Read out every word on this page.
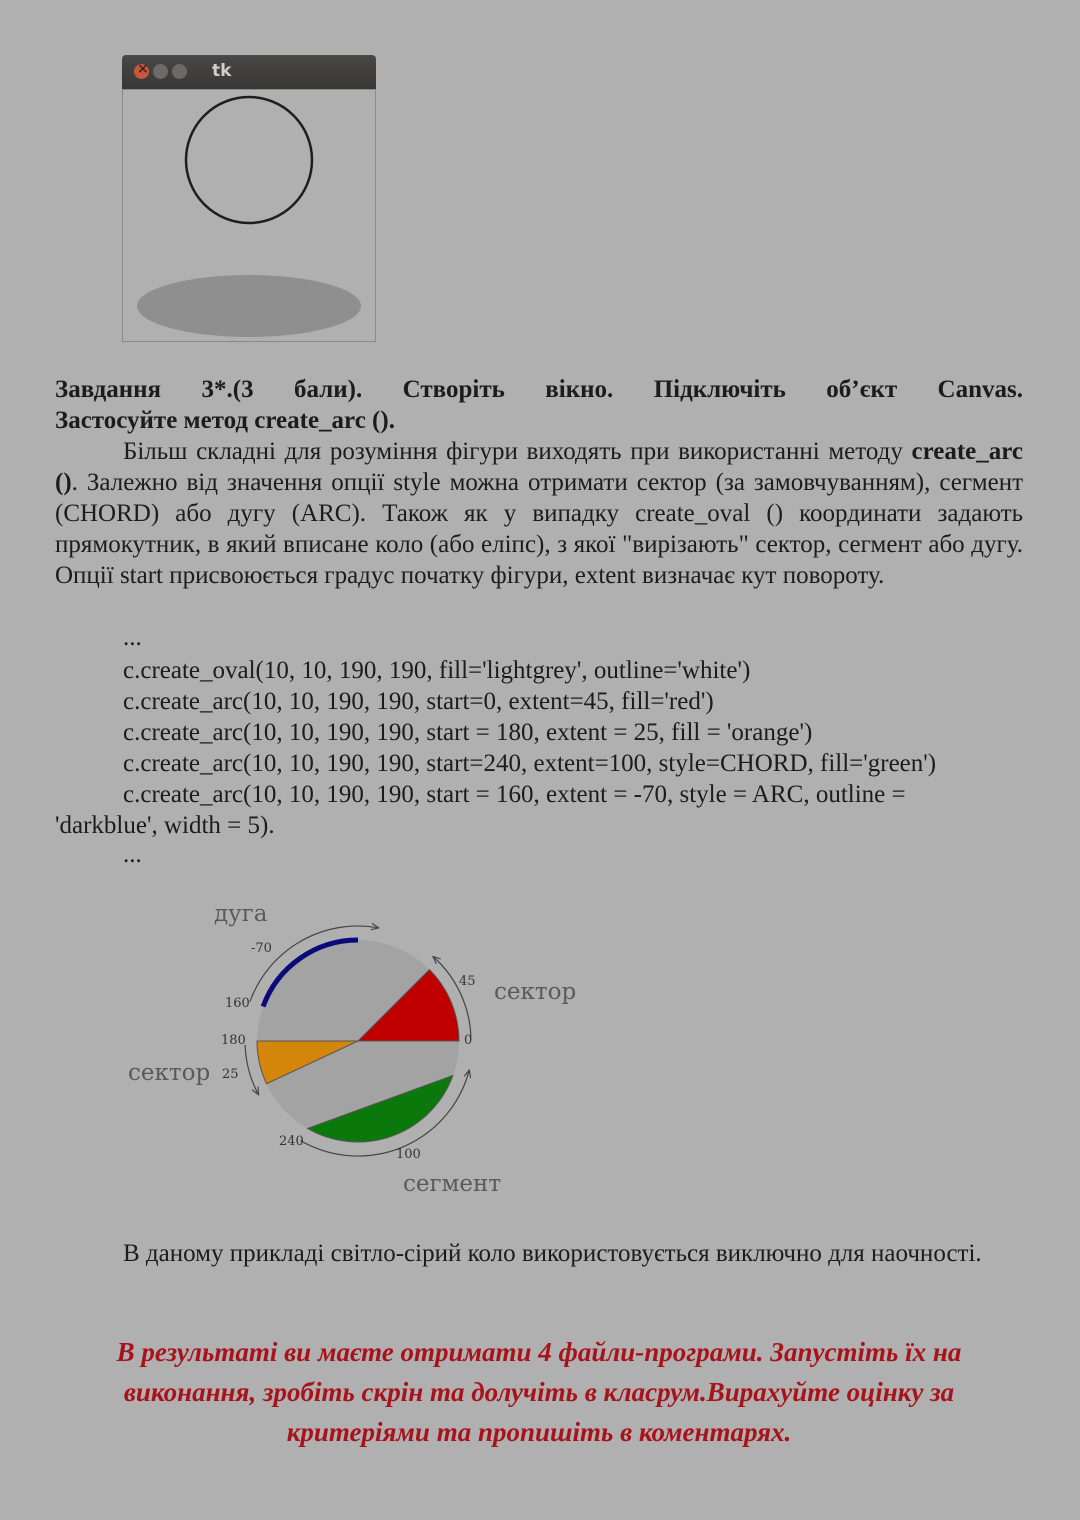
×
tk

Завдання 3*.(3 бали). Створіть вікно. Підключіть об’єкт Canvas.

Застосуйте метод create_arc ().

Більш складні для розуміння фігури виходять при використанні методу create_arc (). Залежно від значення опції style можна отримати сектор (за замовчуванням), сегмент (CHORD) або дугу (ARC). Також як у випадку create_oval () координати задають прямокутник, в який вписане коло (або еліпс), з якої "вирізають" сектор, сегмент або дугу. Опції start присвоюється градус початку фігури, extent визначає кут повороту.

...

c.create_oval(10, 10, 190, 190, fill='lightgrey', outline='white')

c.create_arc(10, 10, 190, 190, start=0, extent=45, fill='red')

c.create_arc(10, 10, 190, 190, start = 180, extent = 25, fill = 'orange')

c.create_arc(10, 10, 190, 190, start=240, extent=100, style=CHORD, fill='green')

c.create_arc(10, 10, 190, 190, start = 160, extent = -70, style = ARC, outline =

'darkblue', width = 5).

...

дуга
сектор
сектор
сегмент
-70
45
160
180	0
25
240
100

В даному прикладі світло-сірий коло використовується виключно для наочності.

В результаті ви маєте отримати 4 файли-програми. Запустіть їх на виконання, зробіть скрін та долучіть в класрум.Вирахуйте оцінку за критеріями та пропишіть в коментарях.
